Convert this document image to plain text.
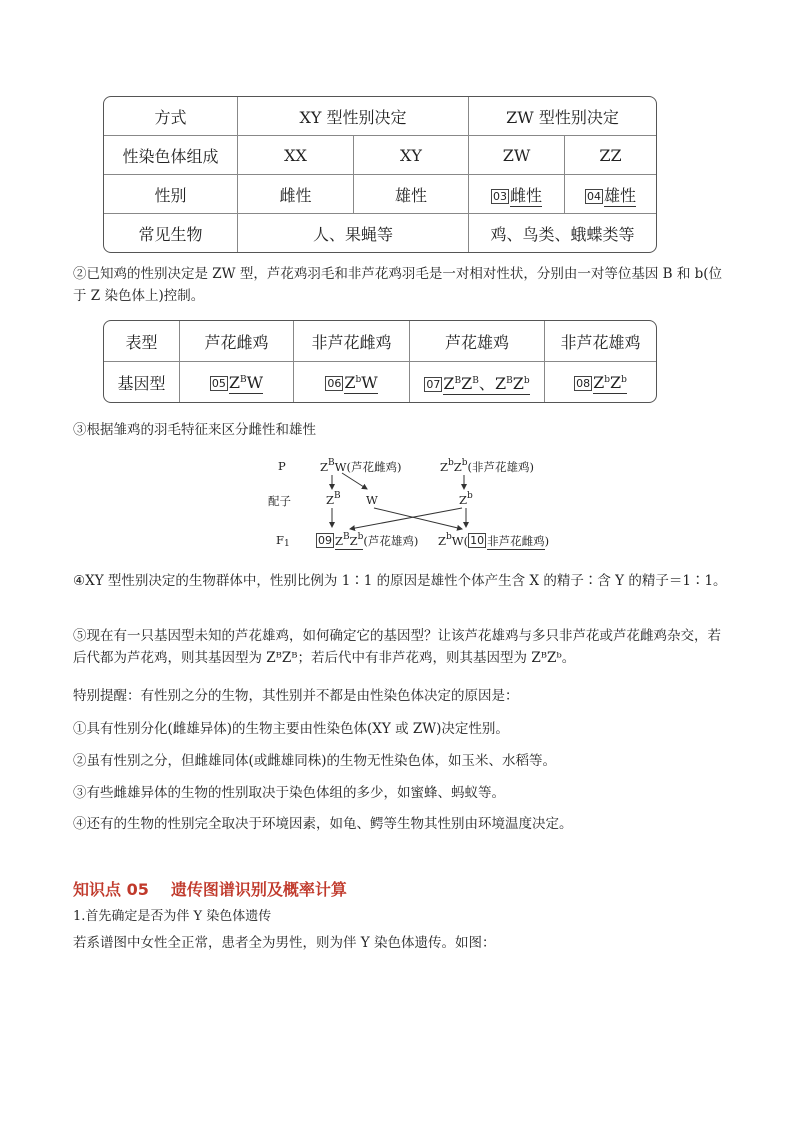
方式	XY 型性别决定		ZW 型性别决定	
性染色体组成	XX	XY	ZW	ZZ
性别	雌性	雄性	03 雌性	04 雄性
常见生物	人、果蝇等		鸡、鸟类、蛾蝶类等	
②已知鸡的性别决定是 ZW 型，芦花鸡羽毛和非芦花鸡羽毛是一对相对性状，分别由一对等位基因 B 和 b(位于 Z 染色体上)控制。
表型	芦花雌鸡	非芦花雌鸡	芦花雄鸡	非芦花雄鸡
基因型	05 $Z^BW$	06 $Z^bW$	07 $Z^BZ^B$、$Z^BZ^b$	08 $Z^bZ^b$
③根据雏鸡的羽毛特征来区分雌性和雄性
P	$Z^BW$(芦花雌鸡)	$Z^bZ^b$(非芦花雄鸡)
配子	$Z^B$ W	$Z^b$
$F_1$	09 $Z^BZ^b$(芦花雄鸡) $Z^bW$( 10 非芦花雌鸡)
④XY 型性别决定的生物群体中，性别比例为 1∶1 的原因是雄性个体产生含 X 的精子∶含 Y 的精子＝1∶1。
⑤现在有一只基因型未知的芦花雄鸡，如何确定它的基因型？让该芦花雄鸡与多只非芦花或芦花雌鸡杂交，若后代都为芦花鸡，则其基因型为 ZᴮZᴮ；若后代中有非芦花鸡，则其基因型为 ZᴮZᵇ。
特别提醒：有性别之分的生物，其性别并不都是由性染色体决定的原因是：
①具有性别分化(雌雄异体)的生物主要由性染色体(XY 或 ZW)决定性别。
②虽有性别之分，但雌雄同体(或雌雄同株)的生物无性染色体，如玉米、水稻等。
③有些雌雄异体的生物的性别取决于染色体组的多少，如蜜蜂、蚂蚁等。
④还有的生物的性别完全取决于环境因素，如龟、鳄等生物其性别由环境温度决定。
知识点 05 遗传图谱识别及概率计算
1.首先确定是否为伴 Y 染色体遗传
若系谱图中女性全正常，患者全为男性，则为伴 Y 染色体遗传。如图：
